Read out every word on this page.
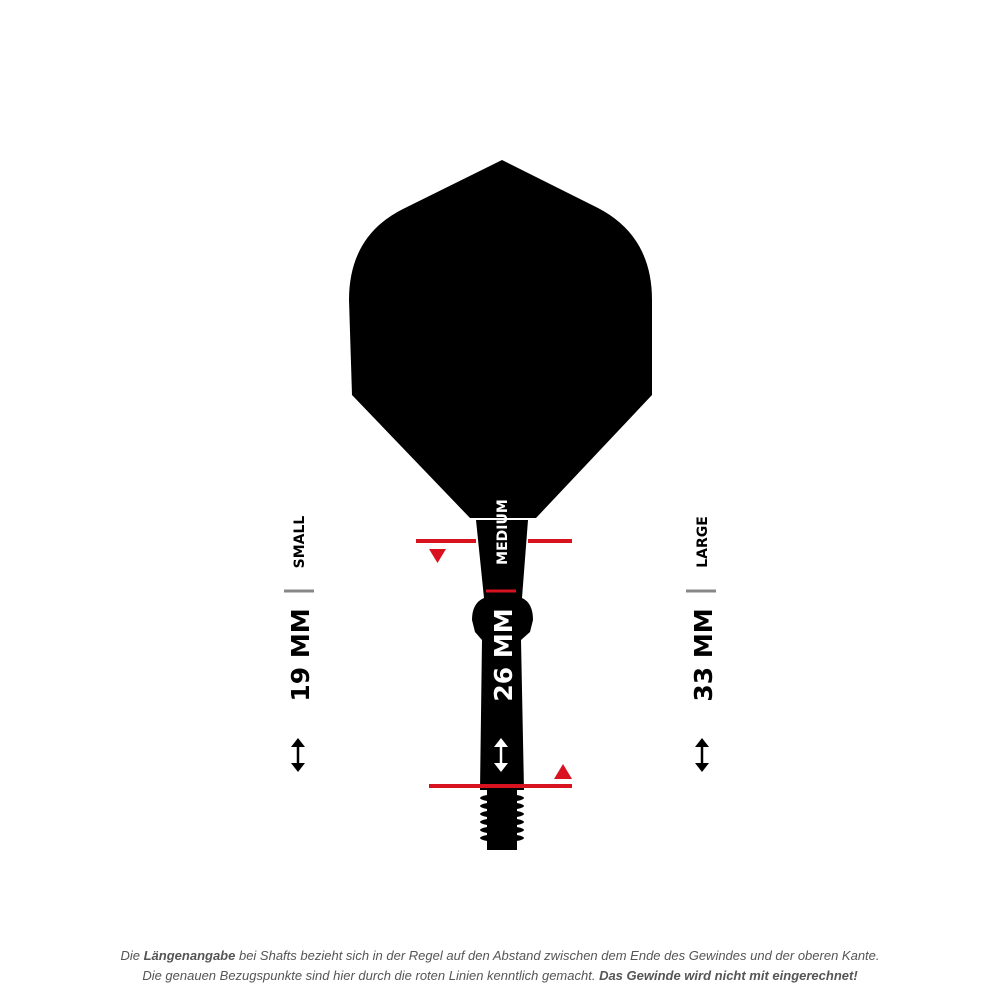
MEDIUM
26 MM
SMALL
19 MM
LARGE
33 MM
Die Längenangabe bei Shafts bezieht sich in der Regel auf den Abstand zwischen dem Ende des Gewindes und der oberen Kante.
Die genauen Bezugspunkte sind hier durch die roten Linien kenntlich gemacht. Das Gewinde wird nicht mit eingerechnet!
